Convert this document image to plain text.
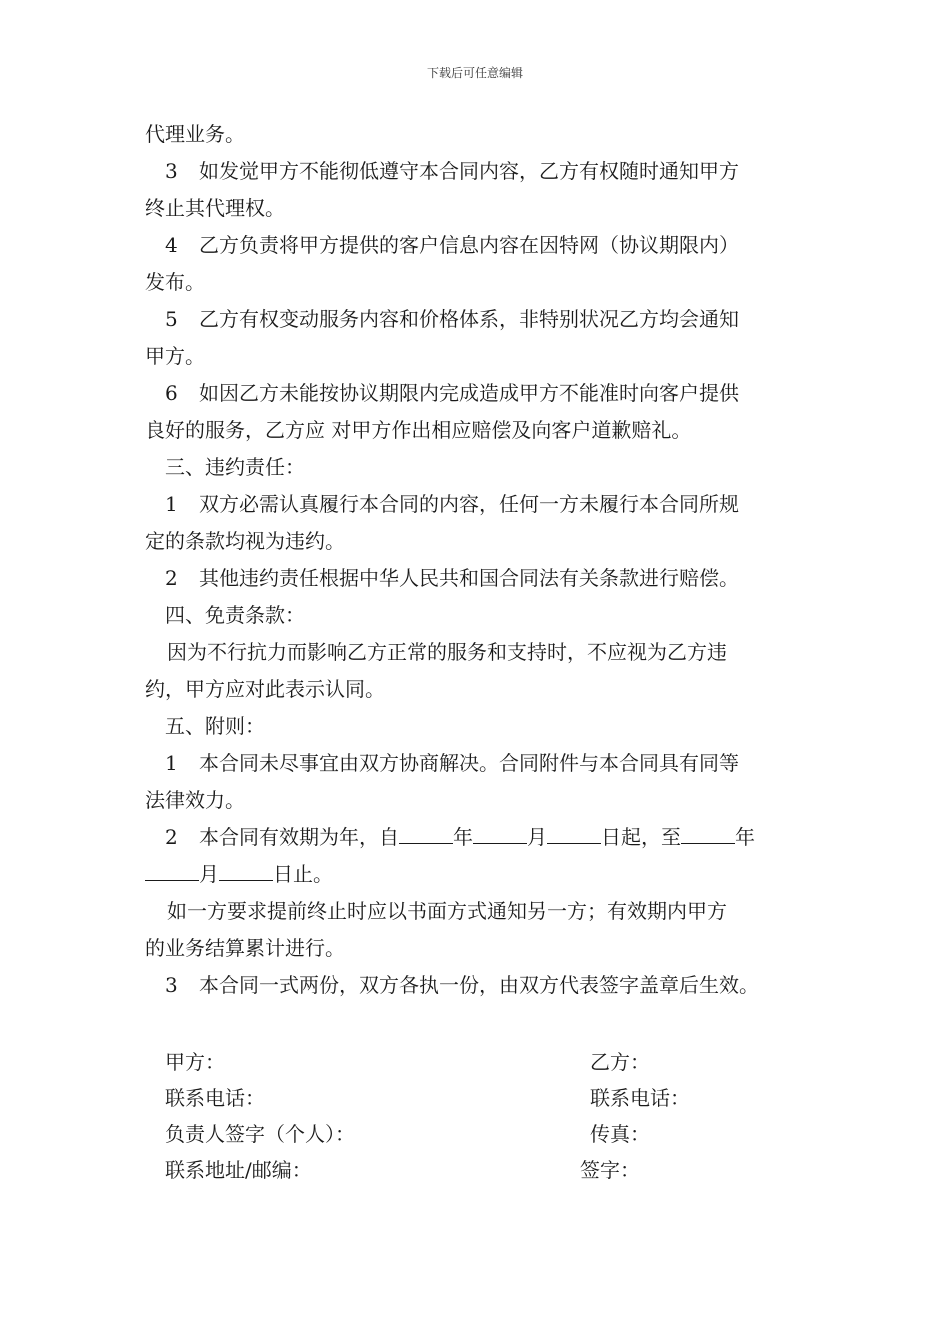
下载后可任意编辑
代理业务。
3 如发觉甲方不能彻低遵守本合同内容，乙方有权随时通知甲方
终止其代理权。
4 乙方负责将甲方提供的客户信息内容在因特网（协议期限内）
发布。
5 乙方有权变动服务内容和价格体系，非特别状况乙方均会通知
甲方。
6 如因乙方未能按协议期限内完成造成甲方不能准时向客户提供
良好的服务，乙方应 对甲方作出相应赔偿及向客户道歉赔礼。
三、违约责任：
1 双方必需认真履行本合同的内容，任何一方未履行本合同所规
定的条款均视为违约。
2 其他违约责任根据中华人民共和国合同法有关条款进行赔偿。
四、免责条款：
因为不行抗力而影响乙方正常的服务和支持时，不应视为乙方违
约，甲方应对此表示认同。
五、附则：
1 本合同未尽事宜由双方协商解决。合同附件与本合同具有同等
法律效力。
2 本合同有效期为年，自	年	月	日起，至	年
月	日止。
如一方要求提前终止时应以书面方式通知另一方；有效期内甲方
的业务结算累计进行。
3 本合同一式两份，双方各执一份，由双方代表签字盖章后生效。
甲方：	乙方：
联系电话：	联系电话：
负责人签字（个人）：	传真：
联系地址/邮编：	签字：
